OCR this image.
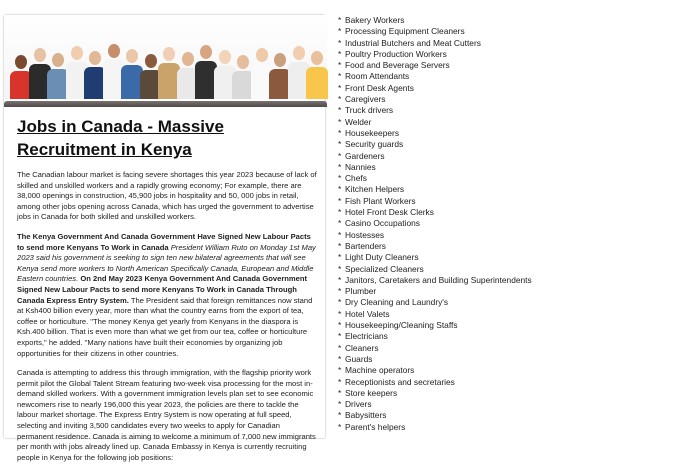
Jobs in Canada - Massive Recruitment in Kenya

The Canadian labour market is facing severe shortages this year 2023 because of lack of skilled and unskilled workers and a rapidly growing economy; For example, there are 38,000 openings in construction, 45,900 jobs in hospitality and 50, 000 jobs in retail, among other jobs opening across Canada, which has urged the government to advertise jobs in Canada for both skilled and unskilled workers.

The Kenya Government And Canada Government Have Signed New Labour Pacts to send more Kenyans To Work in Canada President William Ruto on Monday 1st May 2023 said his government is seeking to sign ten new bilateral agreements that will see Kenya send more workers to North American Specifically Canada, European and Middle Eastern countries. On 2nd May 2023 Kenya Government And Canada Government Signed New Labour Pacts to send more Kenyans To Work in Canada Through Canada Express Entry System. The President said that foreign remittances now stand at Ksh400 billion every year, more than what the country earns from the export of tea, coffee or horticulture. "The money Kenya get yearly from Kenyans in the diaspora is Ksh.400 billion. That is even more than what we get from our tea, coffee or horticulture exports," he added. "Many nations have built their economies by organizing job opportunities for their citizens in other countries.

Canada is attempting to address this through immigration, with the flagship priority work permit pilot the Global Talent Stream featuring two-week visa processing for the most in-demand skilled workers. With a government immigration levels plan set to see economic newcomers rise to nearly 196,000 this year 2023, the policies are there to tackle the labour market shortage. The Express Entry System is now operating at full speed, selecting and inviting 3,500 candidates every two weeks to apply for Canadian permanent residence. Canada is aiming to welcome a minimum of 7,000 new immigrants per month with jobs already lined up. Canada Embassy in Kenya is currently recruiting people in Kenya for the following job positions:

* Bakery Workers
* Processing Equipment Cleaners
* Industrial Butchers and Meat Cutters
* Poultry Production Workers
* Food and Beverage Servers
* Room Attendants
* Front Desk Agents
* Caregivers
* Truck drivers
* Welder
* Housekeepers
* Security guards
* Gardeners
* Nannies
* Chefs
* Kitchen Helpers
* Fish Plant Workers
* Hotel Front Desk Clerks
* Casino Occupations
* Hostesses
* Bartenders
* Light Duty Cleaners
* Specialized Cleaners
* Janitors, Caretakers and Building Superintendents
* Plumber
* Dry Cleaning and Laundry's
* Hotel Valets
* Housekeeping/Cleaning Staffs
* Electricians
* Cleaners
* Guards
* Machine operators
* Receptionists and secretaries
* Store keepers
* Drivers
* Babysitters
* Parent's helpers
